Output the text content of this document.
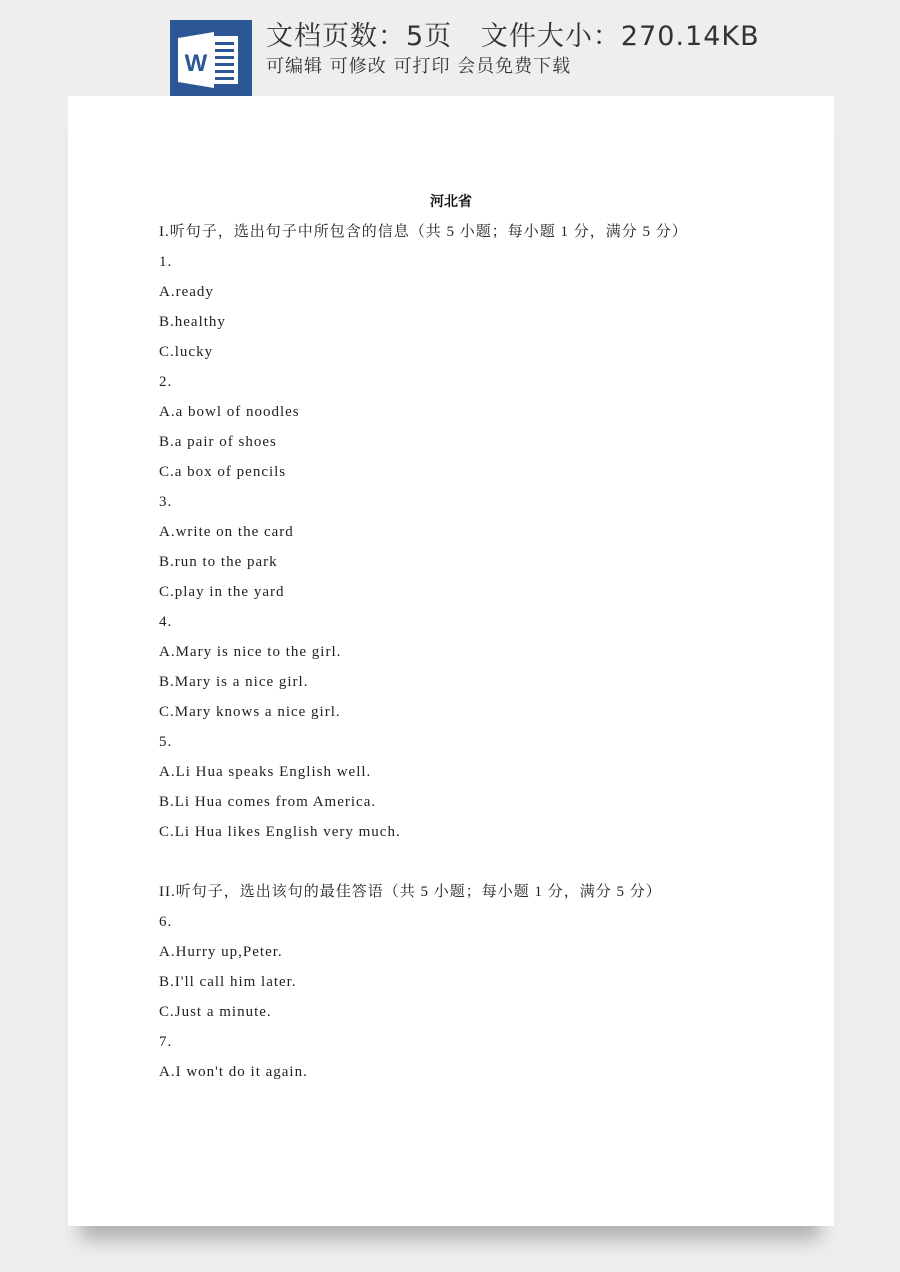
W
文档页数：5页   文件大小：270.14KB
可编辑 可修改 可打印 会员免费下载
河北省
I.听句子，选出句子中所包含的信息（共 5 小题；每小题 1 分，满分 5 分）
1.
A.ready
B.healthy
C.lucky
2.
A.a bowl of noodles
B.a pair of shoes
C.a box of pencils
3.
A.write on the card
B.run to the park
C.play in the yard
4.
A.Mary is nice to the girl.
B.Mary is a nice girl.
C.Mary knows a nice girl.
5.
A.Li Hua speaks English well.
B.Li Hua comes from America.
C.Li Hua likes English very much.
II.听句子，选出该句的最佳答语（共 5 小题；每小题 1 分，满分 5 分）
6.
A.Hurry up,Peter.
B.I'll call him later.
C.Just a minute.
7.
A.I won't do it again.
